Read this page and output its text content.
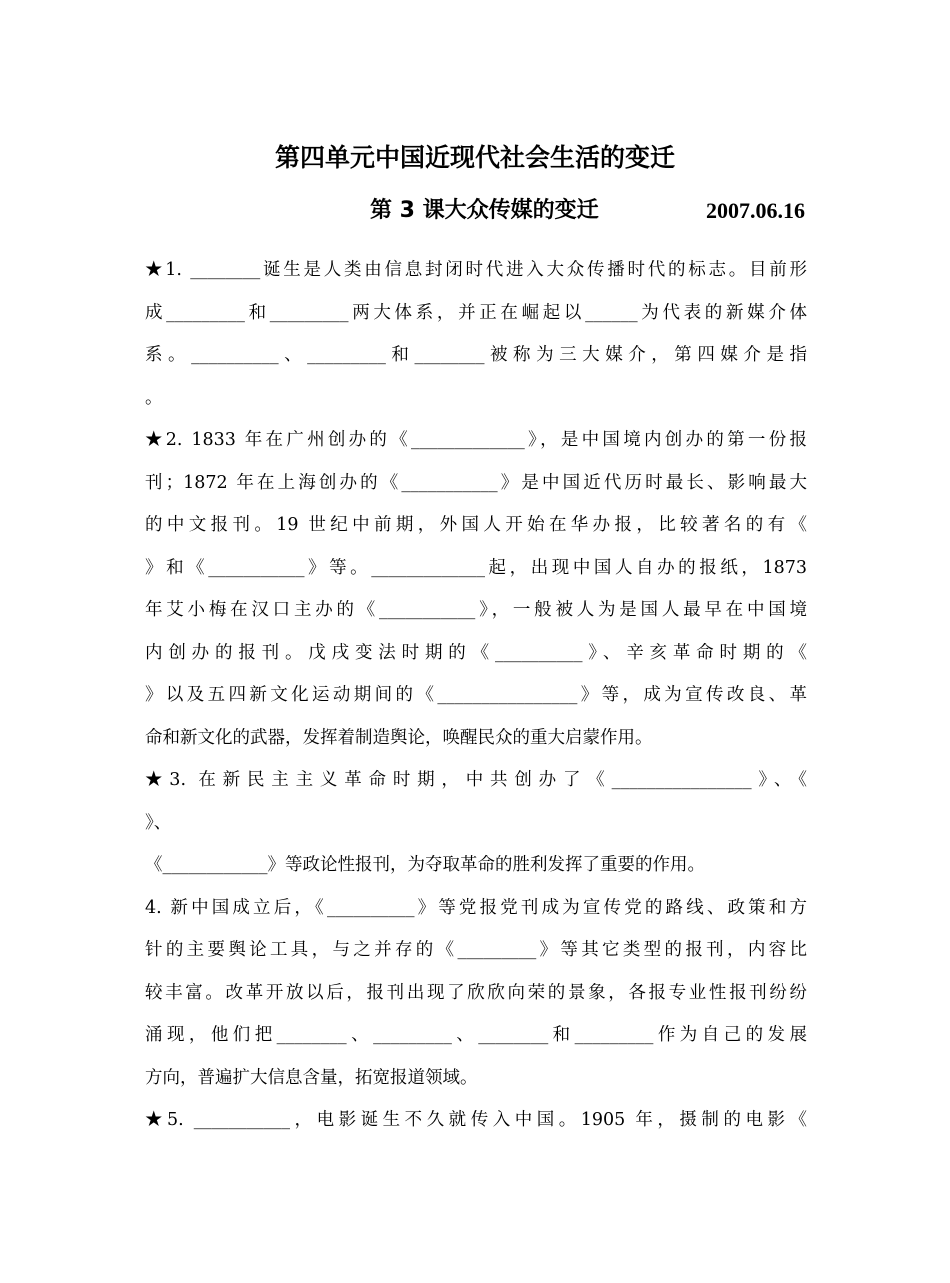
第四单元中国近现代社会生活的变迁
第 3 课大众传媒的变迁	2007.06.16
★1. ________诞生是人类由信息封闭时代进入大众传播时代的标志。目前形
成_________和_________两大体系，并正在崛起以______为代表的新媒介体
系。__________、_________和________被称为三大媒介，第四媒介是指
。
★2. 1833 年在广州创办的《_____________》，是中国境内创办的第一份报
刊；1872 年在上海创办的《___________》是中国近代历时最长、影响最大
的中文报刊。19 世纪中前期，外国人开始在华办报，比较著名的有《
》和《___________》等。_____________起，出现中国人自办的报纸，1873
年艾小梅在汉口主办的《___________》，一般被人为是国人最早在中国境
内创办的报刊。戊戌变法时期的《__________》、辛亥革命时期的《
》以及五四新文化运动期间的《________________》等，成为宣传改良、革
命和新文化的武器，发挥着制造舆论，唤醒民众的重大启蒙作用。
★3. 在新民主主义革命时期，中共创办了《________________》、《
》、
《____________》等政论性报刊，为夺取革命的胜利发挥了重要的作用。
4. 新中国成立后，《__________》等党报党刊成为宣传党的路线、政策和方
针的主要舆论工具，与之并存的《_________》等其它类型的报刊，内容比
较丰富。改革开放以后，报刊出现了欣欣向荣的景象，各报专业性报刊纷纷
涌现，他们把________、_________、________和_________作为自己的发展
方向，普遍扩大信息含量，拓宽报道领域。
★5. ___________，电影诞生不久就传入中国。1905 年，摄制的电影《
